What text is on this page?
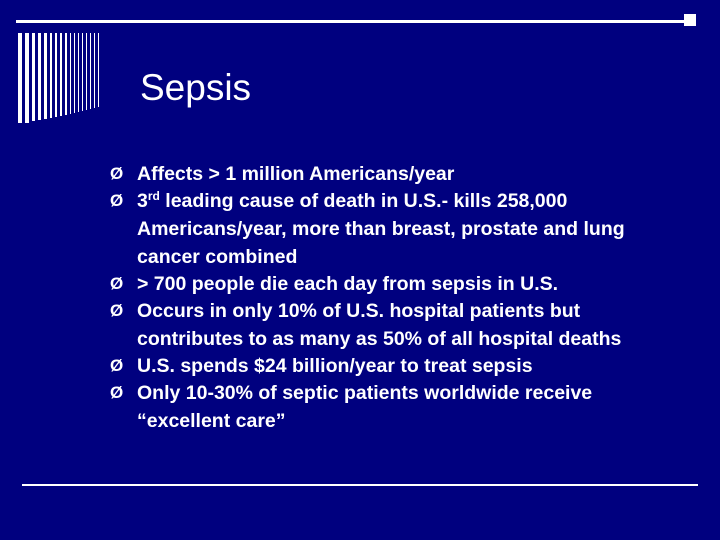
Sepsis
Ø Affects > 1 million Americans/year
Ø 3rd leading cause of death in U.S.- kills 258,000 Americans/year, more than breast, prostate and lung cancer combined
Ø > 700 people die each day from sepsis in U.S.
Ø Occurs in only 10% of U.S. hospital patients but contributes to as many as 50% of all hospital deaths
Ø U.S. spends $24 billion/year to treat sepsis
Ø Only 10-30% of septic patients worldwide receive “excellent care”
